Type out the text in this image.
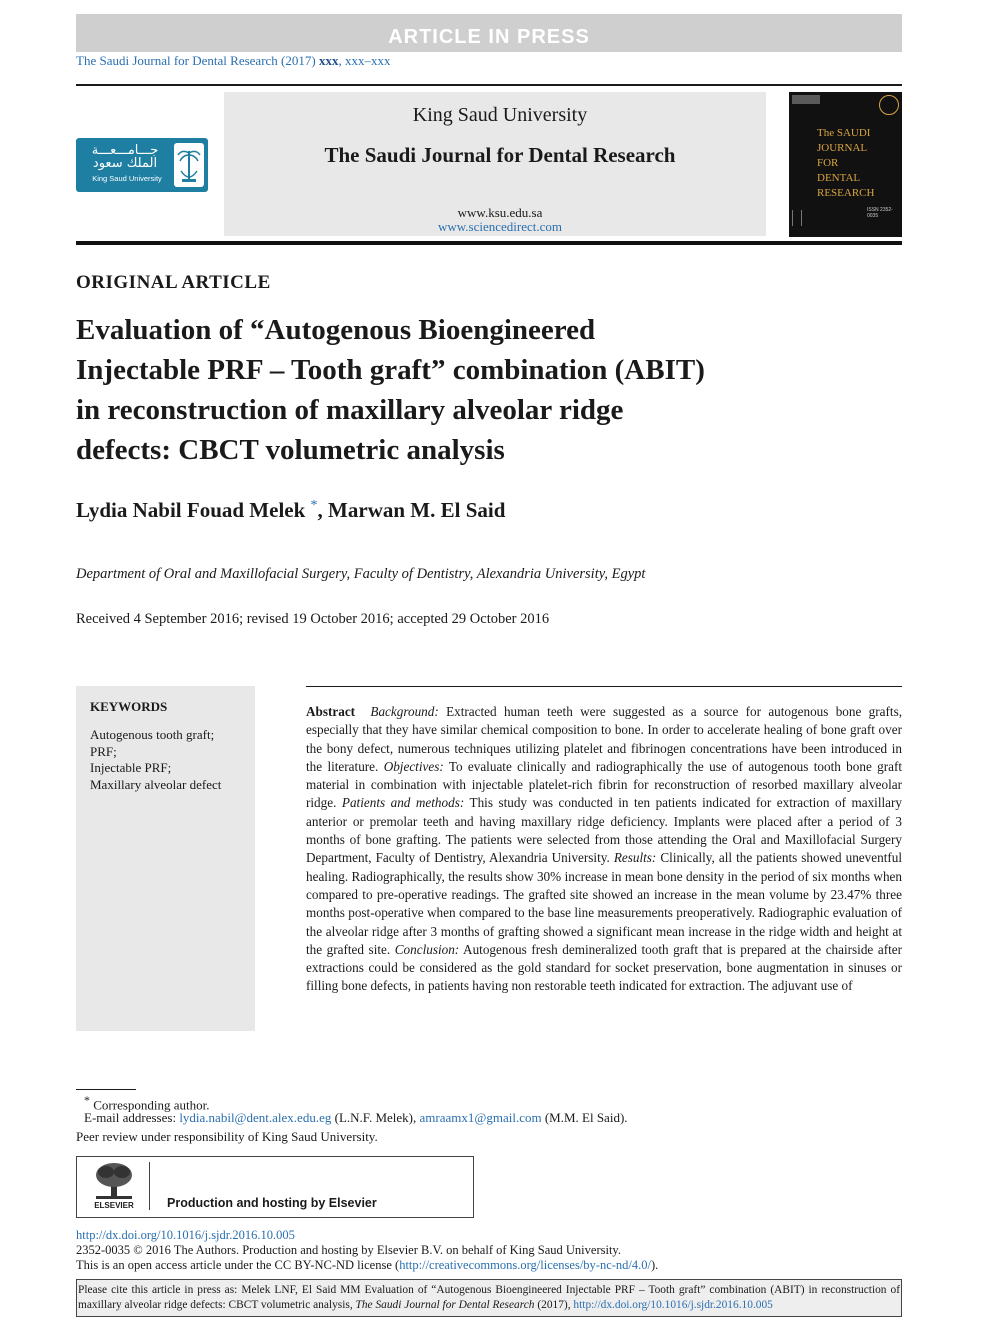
ARTICLE IN PRESS
The Saudi Journal for Dental Research (2017) xxx, xxx–xxx
جـــامـــعـــة الملك سعود
King Saud University
King Saud University
The Saudi Journal for Dental Research
www.ksu.edu.sa
www.sciencedirect.com
The SAUDI
JOURNAL
FOR
DENTAL
RESEARCH
ISSN 2352-0035
ORIGINAL ARTICLE
Evaluation of “Autogenous Bioengineered
Injectable PRF – Tooth graft” combination (ABIT)
in reconstruction of maxillary alveolar ridge
defects: CBCT volumetric analysis
Lydia Nabil Fouad Melek *, Marwan M. El Said
Department of Oral and Maxillofacial Surgery, Faculty of Dentistry, Alexandria University, Egypt
Received 4 September 2016; revised 19 October 2016; accepted 29 October 2016
KEYWORDS
Autogenous tooth graft;
PRF;
Injectable PRF;
Maxillary alveolar defect
Abstract Background: Extracted human teeth were suggested as a source for autogenous bone grafts, especially that they have similar chemical composition to bone. In order to accelerate healing of bone graft over the bony defect, numerous techniques utilizing platelet and fibrinogen concentrations have been introduced in the literature. Objectives: To evaluate clinically and radiographically the use of autogenous tooth bone graft material in combination with injectable platelet-rich fibrin for reconstruction of resorbed maxillary alveolar ridge. Patients and methods: This study was conducted in ten patients indicated for extraction of maxillary anterior or premolar teeth and having maxillary ridge deficiency. Implants were placed after a period of 3 months of bone grafting. The patients were selected from those attending the Oral and Maxillofacial Surgery Department, Faculty of Dentistry, Alexandria University. Results: Clinically, all the patients showed uneventful healing. Radiographically, the results show 30% increase in mean bone density in the period of six months when compared to pre-operative readings. The grafted site showed an increase in the mean volume by 23.47% three months post-operative when compared to the base line measurements preoperatively. Radiographic evaluation of the alveolar ridge after 3 months of grafting showed a significant mean increase in the ridge width and height at the grafted site. Conclusion: Autogenous fresh demineralized tooth graft that is prepared at the chairside after extractions could be considered as the gold standard for socket preservation, bone augmentation in sinuses or filling bone defects, in patients having non restorable teeth indicated for extraction. The adjuvant use of
* Corresponding author.
E-mail addresses: lydia.nabil@dent.alex.edu.eg (L.N.F. Melek), amraamx1@gmail.com (M.M. El Said).
Peer review under responsibility of King Saud University.
ELSEVIER	Production and hosting by Elsevier
http://dx.doi.org/10.1016/j.sjdr.2016.10.005
2352-0035 © 2016 The Authors. Production and hosting by Elsevier B.V. on behalf of King Saud University.
This is an open access article under the CC BY-NC-ND license (http://creativecommons.org/licenses/by-nc-nd/4.0/).
Please cite this article in press as: Melek LNF, El Said MM Evaluation of “Autogenous Bioengineered Injectable PRF – Tooth graft” combination (ABIT) in reconstruction of maxillary alveolar ridge defects: CBCT volumetric analysis, The Saudi Journal for Dental Research (2017), http://dx.doi.org/10.1016/j.sjdr.2016.10.005
